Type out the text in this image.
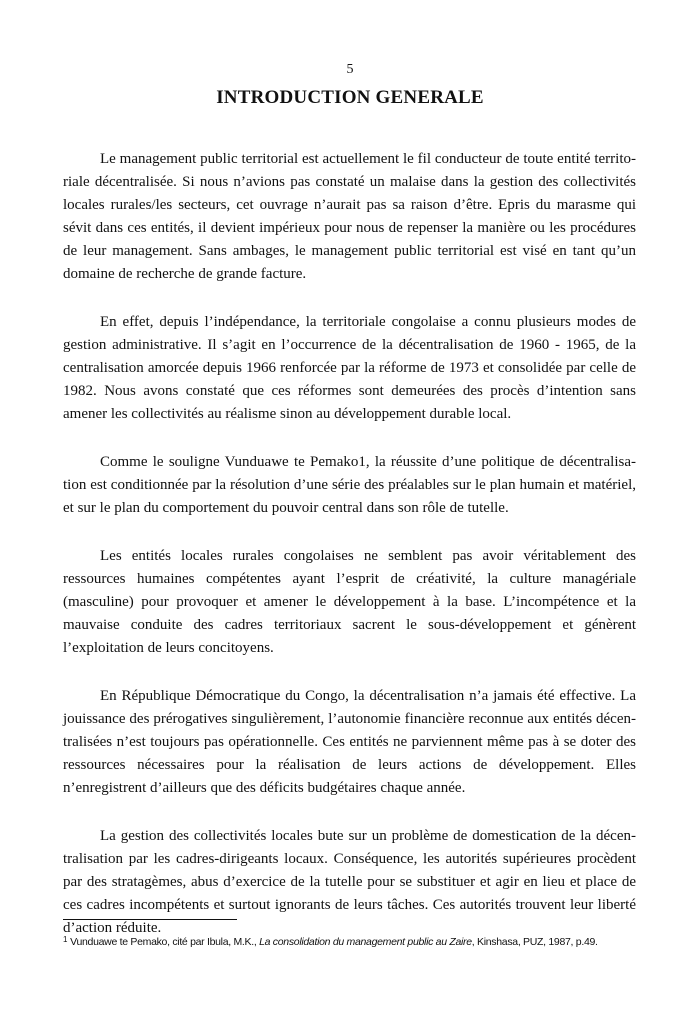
5
INTRODUCTION GENERALE

Le management public territorial est actuellement le fil conducteur de toute entité territoriale décentralisée. Si nous n’avions pas constaté un malaise dans la gestion des collectivités locales rurales/les secteurs, cet ouvrage n’aurait pas sa raison d’être. Epris du marasme qui sévit dans ces entités, il devient impérieux pour nous de repenser la manière ou les procédures de leur management. Sans ambages, le management public territorial est visé en tant qu’un domaine de recherche de grande facture.

En effet, depuis l’indépendance, la territoriale congolaise a connu plusieurs modes de gestion administrative. Il s’agit en l’occurrence de la décentralisation de 1960 - 1965, de la centralisation amorcée depuis 1966 renforcée par la réforme de 1973 et consolidée par celle de 1982. Nous avons constaté que ces réformes sont demeurées des procès d’intention sans amener les collectivités au réalisme sinon au développement durable local.

Comme le souligne Vunduawe te Pemako1, la réussite d’une politique de décentralisation est conditionnée par la résolution d’une série des préalables sur le plan humain et matériel, et sur le plan du comportement du pouvoir central dans son rôle de tutelle.

Les entités locales rurales congolaises ne semblent pas avoir véritablement des ressources humaines compétentes ayant l’esprit de créativité, la culture managériale (masculine) pour provoquer et amener le développement à la base. L’incompétence et la mauvaise conduite des cadres territoriaux sacrent le sous-développement et génèrent l’exploitation de leurs concitoyens.

En République Démocratique du Congo, la décentralisation n’a jamais été effective. La jouissance des prérogatives singulièrement, l’autonomie financière reconnue aux entités décentralisées n’est toujours pas opérationnelle. Ces entités ne parviennent même pas à se doter des ressources nécessaires pour la réalisation de leurs actions de développement. Elles n’enregistrent d’ailleurs que des déficits budgétaires chaque année.

La gestion des collectivités locales bute sur un problème de domestication de la décentralisation par les cadres-dirigeants locaux. Conséquence, les autorités supérieures procèdent par des stratagèmes, abus d’exercice de la tutelle pour se substituer et agir en lieu et place de ces cadres incompétents et surtout ignorants de leurs tâches. Ces autorités trouvent leur liberté d’action réduite.

$^1$ Vunduawe te Pemako, cité par Ibula, M.K., La consolidation du management public au Zaire, Kinshasa, PUZ, 1987, p.49.
